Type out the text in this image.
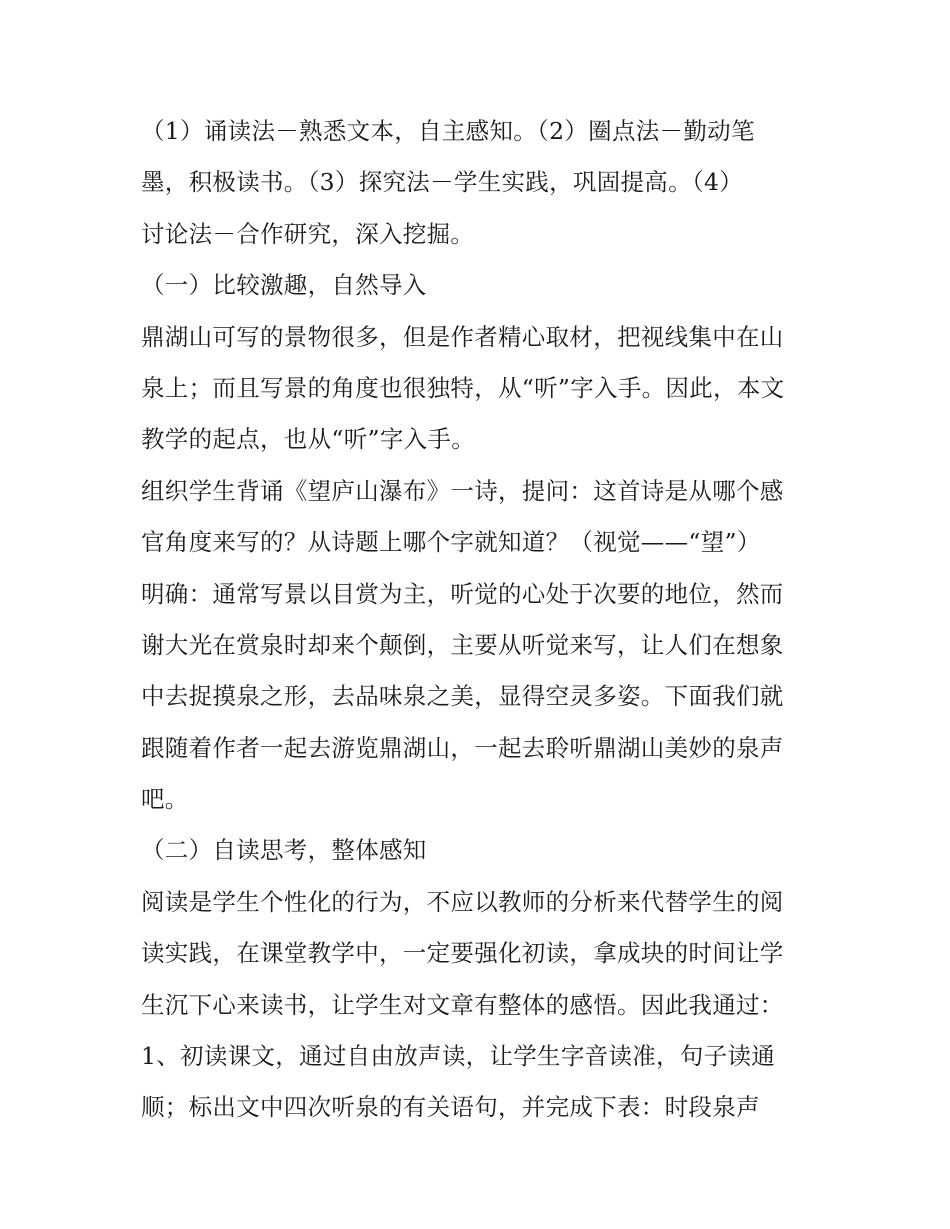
（1）诵读法－熟悉文本，自主感知。（2）圈点法－勤动笔
墨，积极读书。（3）探究法－学生实践，巩固提高。（4）
讨论法－合作研究，深入挖掘。
（一）比较激趣，自然导入
鼎湖山可写的景物很多，但是作者精心取材，把视线集中在山
泉上；而且写景的角度也很独特，从“听”字入手。因此，本文
教学的起点，也从“听”字入手。
组织学生背诵《望庐山瀑布》一诗，提问：这首诗是从哪个感
官角度来写的？从诗题上哪个字就知道？（视觉——“望”）
明确：通常写景以目赏为主，听觉的心处于次要的地位，然而
谢大光在赏泉时却来个颠倒，主要从听觉来写，让人们在想象
中去捉摸泉之形，去品味泉之美，显得空灵多姿。下面我们就
跟随着作者一起去游览鼎湖山，一起去聆听鼎湖山美妙的泉声
吧。
（二）自读思考，整体感知
阅读是学生个性化的行为，不应以教师的分析来代替学生的阅
读实践，在课堂教学中，一定要强化初读，拿成块的时间让学
生沉下心来读书，让学生对文章有整体的感悟。因此我通过：
1、初读课文，通过自由放声读，让学生字音读准，句子读通
顺；标出文中四次听泉的有关语句，并完成下表：时段泉声
